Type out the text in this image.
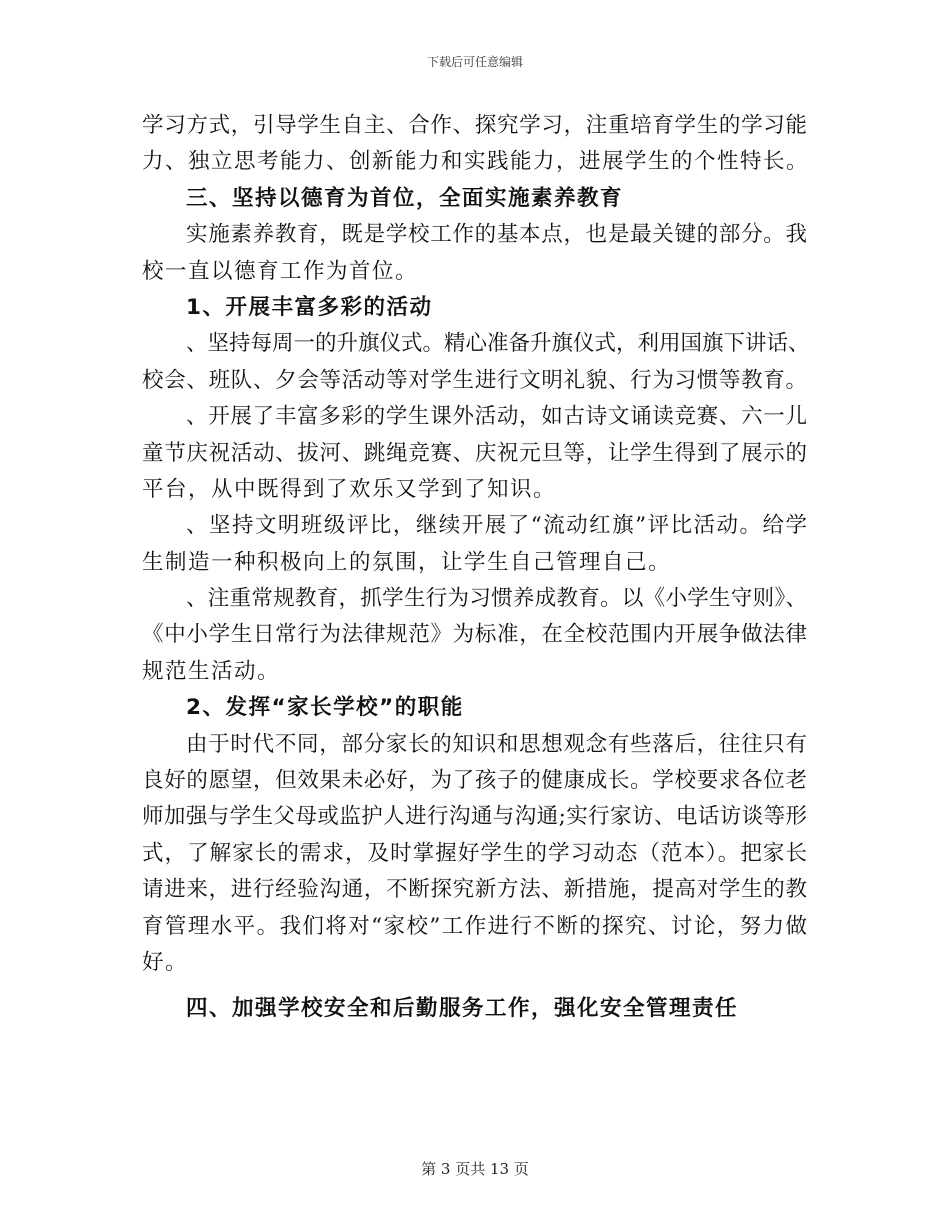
下载后可任意编辑
学习方式，引导学生自主、合作、探究学习，注重培育学生的学习能
力、独立思考能力、创新能力和实践能力，进展学生的个性特长。
三、坚持以德育为首位，全面实施素养教育
实施素养教育，既是学校工作的基本点，也是最关键的部分。我
校一直以德育工作为首位。
1、开展丰富多彩的活动
、坚持每周一的升旗仪式。精心准备升旗仪式，利用国旗下讲话、
校会、班队、夕会等活动等对学生进行文明礼貌、行为习惯等教育。
、开展了丰富多彩的学生课外活动，如古诗文诵读竞赛、六一儿
童节庆祝活动、拔河、跳绳竞赛、庆祝元旦等，让学生得到了展示的
平台，从中既得到了欢乐又学到了知识。
、坚持文明班级评比，继续开展了“流动红旗”评比活动。给学
生制造一种积极向上的氛围，让学生自己管理自己。
、注重常规教育，抓学生行为习惯养成教育。以《小学生守则》、
《中小学生日常行为法律规范》为标准，在全校范围内开展争做法律
规范生活动。
2、发挥“家长学校”的职能
由于时代不同，部分家长的知识和思想观念有些落后，往往只有
良好的愿望，但效果未必好，为了孩子的健康成长。学校要求各位老
师加强与学生父母或监护人进行沟通与沟通;实行家访、电话访谈等形
式，了解家长的需求，及时掌握好学生的学习动态（范本）。把家长
请进来，进行经验沟通，不断探究新方法、新措施，提高对学生的教
育管理水平。我们将对“家校”工作进行不断的探究、讨论，努力做
好。
四、加强学校安全和后勤服务工作，强化安全管理责任
第 3 页共 13 页
